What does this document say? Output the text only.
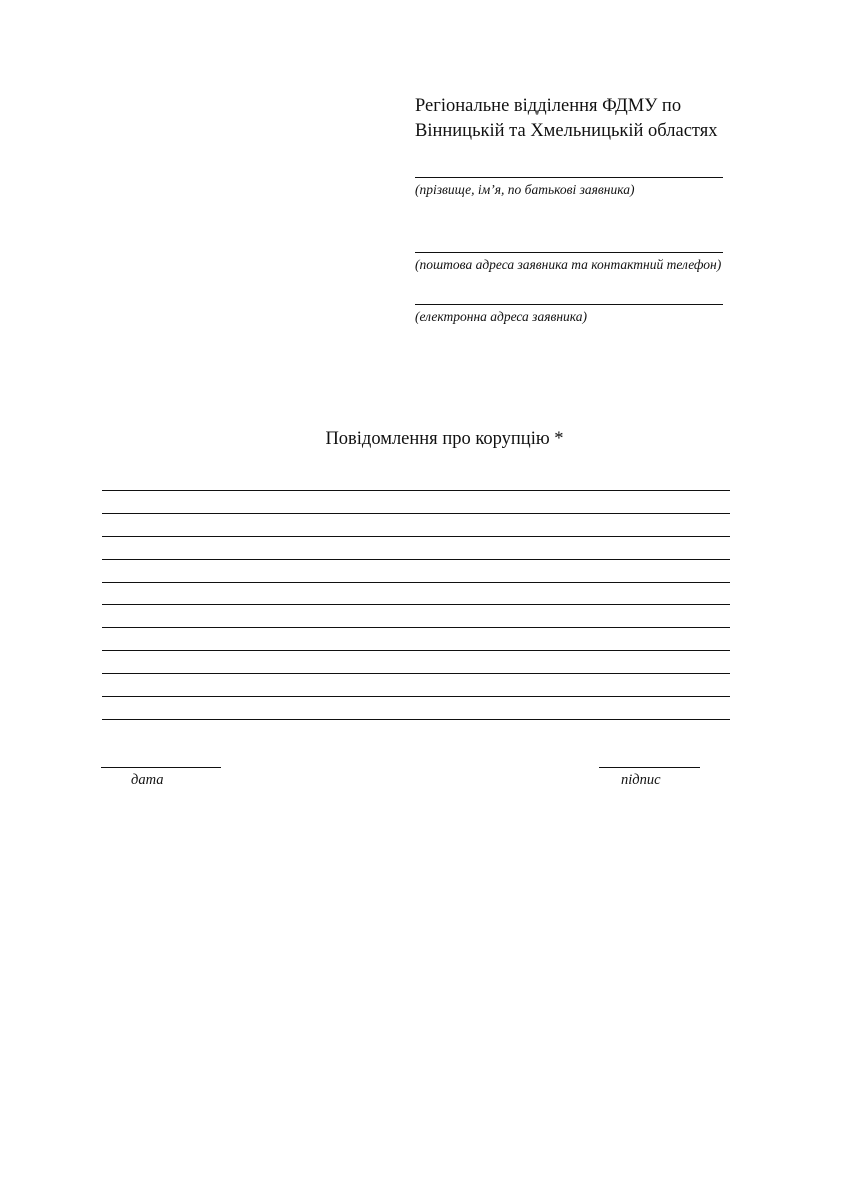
Регіональне відділення ФДМУ по
Вінницькій та Хмельницькій областях
(прізвище, ім’я, по батькові заявника)
(поштова адреса заявника та контактний телефон)
(електронна адреса заявника)
Повідомлення про корупцію *
дата	підпис
